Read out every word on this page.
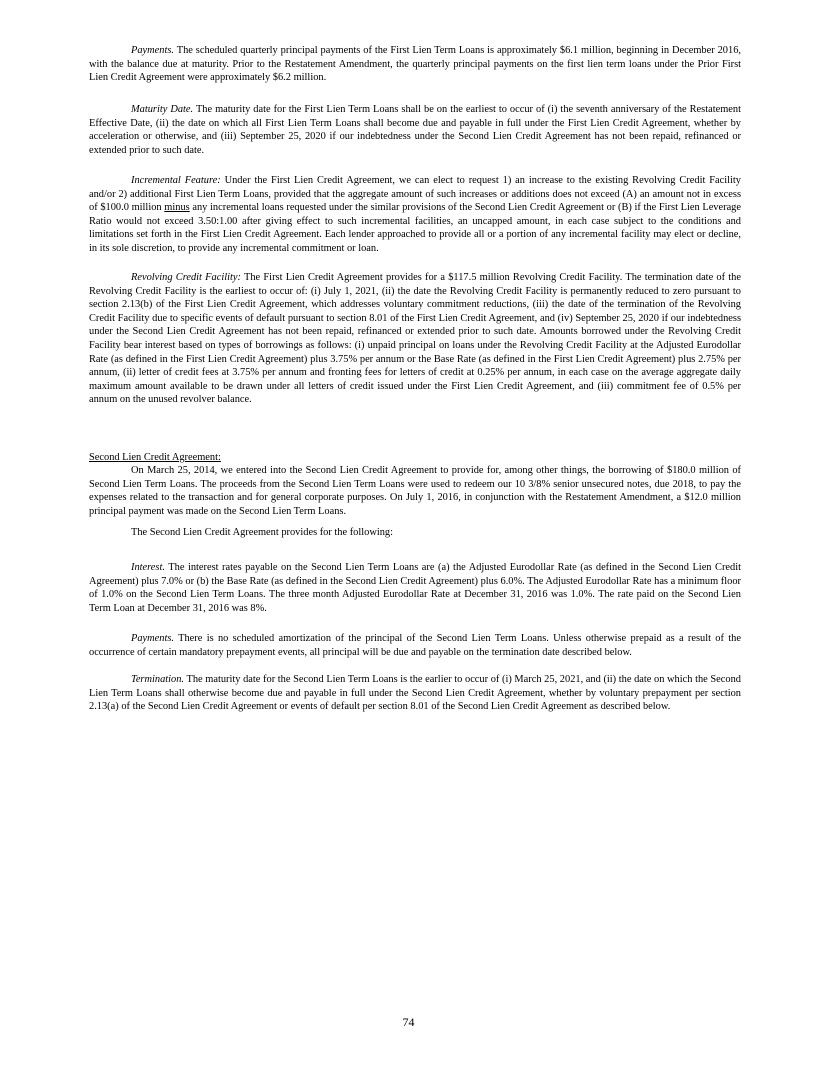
Payments. The scheduled quarterly principal payments of the First Lien Term Loans is approximately $6.1 million, beginning in December 2016, with the balance due at maturity. Prior to the Restatement Amendment, the quarterly principal payments on the first lien term loans under the Prior First Lien Credit Agreement were approximately $6.2 million.

Maturity Date. The maturity date for the First Lien Term Loans shall be on the earliest to occur of (i) the seventh anniversary of the Restatement Effective Date, (ii) the date on which all First Lien Term Loans shall become due and payable in full under the First Lien Credit Agreement, whether by acceleration or otherwise, and (iii) September 25, 2020 if our indebtedness under the Second Lien Credit Agreement has not been repaid, refinanced or extended prior to such date.

Incremental Feature: Under the First Lien Credit Agreement, we can elect to request 1) an increase to the existing Revolving Credit Facility and/or 2) additional First Lien Term Loans, provided that the aggregate amount of such increases or additions does not exceed (A) an amount not in excess of $100.0 million minus any incremental loans requested under the similar provisions of the Second Lien Credit Agreement or (B) if the First Lien Leverage Ratio would not exceed 3.50:1.00 after giving effect to such incremental facilities, an uncapped amount, in each case subject to the conditions and limitations set forth in the First Lien Credit Agreement. Each lender approached to provide all or a portion of any incremental facility may elect or decline, in its sole discretion, to provide any incremental commitment or loan.

Revolving Credit Facility: The First Lien Credit Agreement provides for a $117.5 million Revolving Credit Facility. The termination date of the Revolving Credit Facility is the earliest to occur of: (i) July 1, 2021, (ii) the date the Revolving Credit Facility is permanently reduced to zero pursuant to section 2.13(b) of the First Lien Credit Agreement, which addresses voluntary commitment reductions, (iii) the date of the termination of the Revolving Credit Facility due to specific events of default pursuant to section 8.01 of the First Lien Credit Agreement, and (iv) September 25, 2020 if our indebtedness under the Second Lien Credit Agreement has not been repaid, refinanced or extended prior to such date. Amounts borrowed under the Revolving Credit Facility bear interest based on types of borrowings as follows: (i) unpaid principal on loans under the Revolving Credit Facility at the Adjusted Eurodollar Rate (as defined in the First Lien Credit Agreement) plus 3.75% per annum or the Base Rate (as defined in the First Lien Credit Agreement) plus 2.75% per annum, (ii) letter of credit fees at 3.75% per annum and fronting fees for letters of credit at 0.25% per annum, in each case on the average aggregate daily maximum amount available to be drawn under all letters of credit issued under the First Lien Credit Agreement, and (iii) commitment fee of 0.5% per annum on the unused revolver balance.

Second Lien Credit Agreement:

On March 25, 2014, we entered into the Second Lien Credit Agreement to provide for, among other things, the borrowing of $180.0 million of Second Lien Term Loans. The proceeds from the Second Lien Term Loans were used to redeem our 10 3/8% senior unsecured notes, due 2018, to pay the expenses related to the transaction and for general corporate purposes. On July 1, 2016, in conjunction with the Restatement Amendment, a $12.0 million principal payment was made on the Second Lien Term Loans.

The Second Lien Credit Agreement provides for the following:

Interest. The interest rates payable on the Second Lien Term Loans are (a) the Adjusted Eurodollar Rate (as defined in the Second Lien Credit Agreement) plus 7.0% or (b) the Base Rate (as defined in the Second Lien Credit Agreement) plus 6.0%. The Adjusted Eurodollar Rate has a minimum floor of 1.0% on the Second Lien Term Loans. The three month Adjusted Eurodollar Rate at December 31, 2016 was 1.0%. The rate paid on the Second Lien Term Loan at December 31, 2016 was 8%.

Payments. There is no scheduled amortization of the principal of the Second Lien Term Loans. Unless otherwise prepaid as a result of the occurrence of certain mandatory prepayment events, all principal will be due and payable on the termination date described below.

Termination. The maturity date for the Second Lien Term Loans is the earlier to occur of (i) March 25, 2021, and (ii) the date on which the Second Lien Term Loans shall otherwise become due and payable in full under the Second Lien Credit Agreement, whether by voluntary prepayment per section 2.13(a) of the Second Lien Credit Agreement or events of default per section 8.01 of the Second Lien Credit Agreement as described below.

74
